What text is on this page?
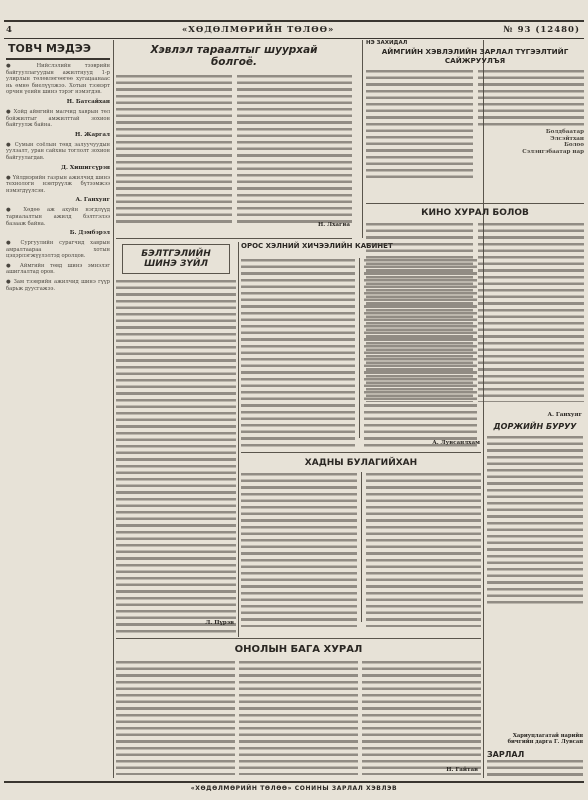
4	«ХӨДӨЛМӨРИЙН ТӨЛӨӨ»	№ 93 (12480)
ТОВЧ МЭДЭЭ
● Нийслэлийн тээврийн байгууллагуудын ажилтнууд 1-р улирлын төлөвлөгөөгөө хугацаанаас нь өмнө биелүүлжээ. Хотын тээвэрт орчин үеийн шинэ тэрэг нэмэгдэв.
Н. Батсайхан
● Хойд аймгийн малчид хаврын төл бойжилтыг амжилттай зохион байгуулж байна.
Н. Жаргал
● Сумын соёлын төвд залуучуудын уулзалт, уран сайхны тоглолт зохион байгуулагдав.
Д. Хишигсүрэн
● Үйлдвэрийн газрын ажилчид шинэ технологи нэвтрүүлж бүтээмжээ нэмэгдүүлсэн.
А. Ганхуяг
● Хөдөө аж ахуйн нэгдлүүд тариалалтын ажилд бэлтгэлээ базааж байна.
Б. Дэмбэрэл
● Сургуулийн сурагчид хаврын амралтаараа хотын цэцэрлэгжүүлэлтэд оролцов.
● Аймгийн төвд шинэ эмнэлэг ашиглалтад оров.
● Зам тээврийн ажилчид шинэ гүүр барьж дуусгажээ.
Хэвлэл тараалтыг шуурхай болгоё.
БЭЛТГЭЛИЙН ШИНЭ ЗҮЙЛ
Л. Пүрэв
Н. Лхагва
ОРОС ХЭЛНИЙ ХИЧЭЭЛИЙН КАБИНЕТ
А. Лувсанлхам
ХАДНЫ БУЛАГИЙХАН
ОНОЛЫН БАГА ХУРАЛ
Н. Гайтав
НЭ ЗАХИДАЛ
АЙМГИЙН ХЭВЛЭЛИЙН ЗАРЛАЛ ТҮГЭЭЛТИЙГ САЙЖРУУЛЪЯ
Болдбаатар
Элсэйтхан
Болоо
Сэлэнгэбаатар нар
КИНО ХУРАЛ БОЛОВ
А. Ганхуяг
ДОРЖИЙН БУРУУ
Хариуцлагатай нарийн бичгийн дарга Г. Лувсан
ЗАРЛАЛ
«ХӨДӨЛМӨРИЙН ТӨЛӨӨ» СОНИНЫ ЗАРЛАЛ ХЭВЛЭВ
